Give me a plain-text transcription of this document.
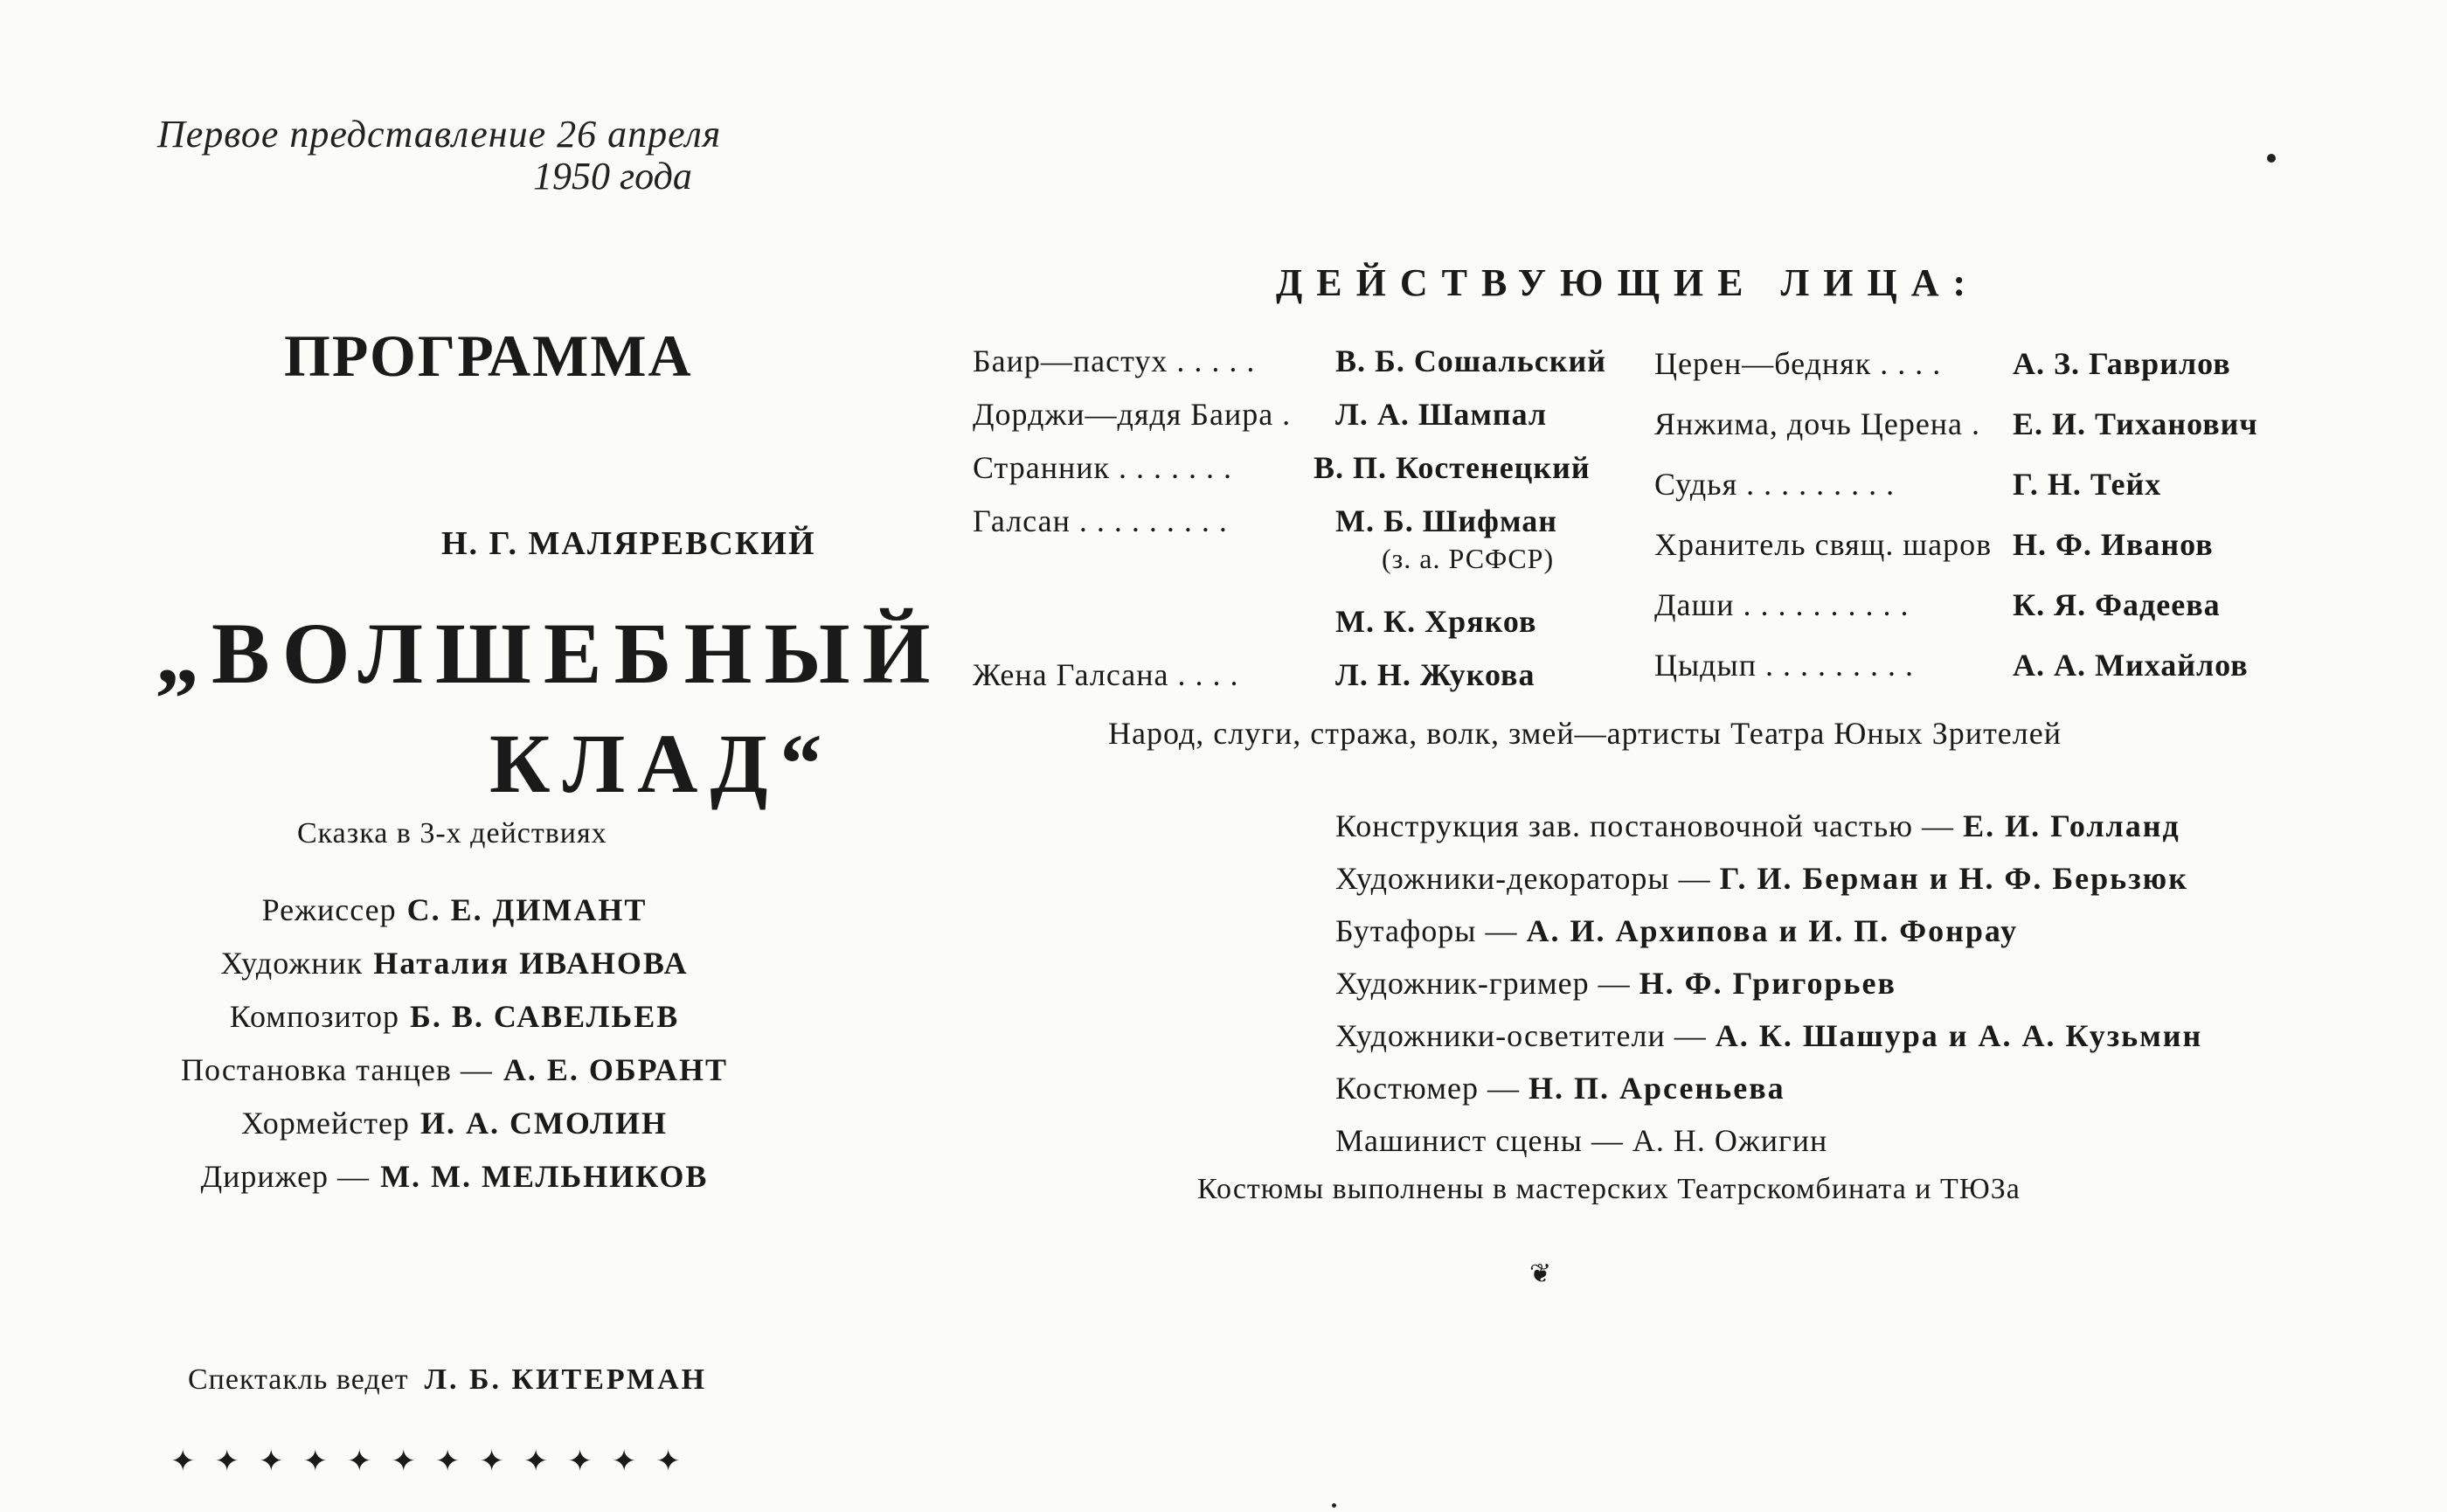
Первое представление 26 апреля
1950 года
ПРОГРАММА
Н. Г. МАЛЯРЕВСКИЙ
„ВОЛШЕБНЫЙ
КЛАД“
Сказка в 3-х действиях
Режиссер С. Е. ДИМАНТ
Художник Наталия ИВАНОВА
Композитор Б. В. САВЕЛЬЕВ
Постановка танцев — А. Е. ОБРАНТ
Хормейстер И. А. СМОЛИН
Дирижер — М. М. МЕЛЬНИКОВ
Спектакль ведет Л. Б. КИТЕРМАН
✦✦✦✦✦✦✦✦✦✦✦✦
ДЕЙСТВУЮЩИЕ ЛИЦА:
Баир—пастух . . . . .	В. Б. Сошальский
Дорджи—дядя Баира . Л. А. Шампал
Странник . . . . . . .	В. П. Костенецкий
Галсан . . . . . . . . .	М. Б. Шифман
(з. а. РСФСР)
М. К. Хряков
Жена Галсана . . . .	Л. Н. Жукова
Церен—бедняк . . . . А. З. Гаврилов
Янжима, дочь Церена . Е. И. Тиханович
Судья . . . . . . . . .	Г. Н. Тейх
Хранитель свящ. шаров Н. Ф. Иванов
Даши . . . . . . . . . .	К. Я. Фадеева
Цыдып . . . . . . . . .	А. А. Михайлов
Народ, слуги, стража, волк, змей—артисты Театра Юных Зрителей
Конструкция зав. постановочной частью — Е. И. Голланд
Художники-декораторы — Г. И. Берман и Н. Ф. Берьзюк
Бутафоры — А. И. Архипова и И. П. Фонрау
Художник-гример — Н. Ф. Григорьев
Художники-осветители — А. К. Шашура и А. А. Кузьмин
Костюмер — Н. П. Арсеньева
Машинист сцены — А. Н. Ожигин
Костюмы выполнены в мастерских Театрскомбината и ТЮЗа
❦
